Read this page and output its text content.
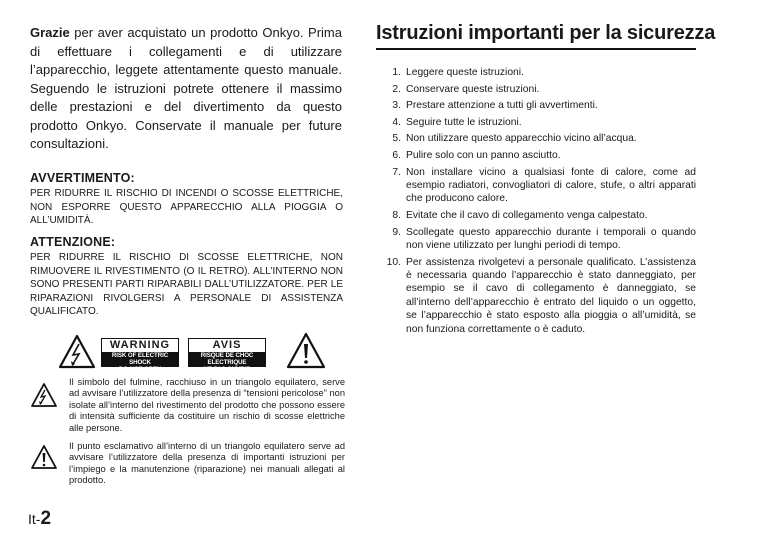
Grazie per aver acquistato un prodotto Onkyo. Prima di effettuare i collegamenti e di utilizzare l’apparecchio, leggete attentamente questo manuale. Seguendo le istruzioni potrete ottenere il massimo delle prestazioni e del divertimento da questo prodotto Onkyo. Conservate il manuale per future consultazioni.

AVVERTIMENTO:

PER RIDURRE IL RISCHIO DI INCENDI O SCOSSE ELETTRICHE, NON ESPORRE QUESTO APPARECCHIO ALLA PIOGGIA O ALL’UMIDITÀ.

ATTENZIONE:

PER RIDURRE IL RISCHIO DI SCOSSE ELETTRICHE, NON RIMUOVERE IL RIVESTIMENTO (O IL RETRO). ALL’INTERNO NON SONO PRESENTI PARTI RIPARABILI DALL’UTILIZZATORE. PER LE RIPARAZIONI RIVOLGERSI A PERSONALE DI ASSISTENZA QUALIFICATO.

WARNING
RISK OF ELECTRIC SHOCK
DO NOT OPEN
AVIS
RISQUE DE CHOC ELECTRIQUE
NE PAS OUVRIR

Il simbolo del fulmine, racchiuso in un triangolo equilatero, serve ad avvisare l’utilizzatore della presenza di “tensioni pericolose” non isolate all’interno del rivestimento del prodotto che possono essere di intensità sufficiente da costituire un rischio di scosse elettriche alle persone.

Il punto esclamativo all’interno di un triangolo equilatero serve ad avvisare l’utilizzatore della presenza di importanti istruzioni per l’impiego e la manutenzione (riparazione) nei manuali allegati al prodotto.

It-2
Istruzioni importanti per la sicurezza
1. Leggere queste istruzioni.
2. Conservare queste istruzioni.
3. Prestare attenzione a tutti gli avvertimenti.
4. Seguire tutte le istruzioni.
5. Non utilizzare questo apparecchio vicino all’acqua.
6. Pulire solo con un panno asciutto.
7. Non installare vicino a qualsiasi fonte di calore, come ad esempio radiatori, convogliatori di calore, stufe, o altri apparati che producono calore.
8. Evitate che il cavo di collegamento venga calpestato.
9. Scollegate questo apparecchio durante i temporali o quando non viene utilizzato per lunghi periodi di tempo.
10. Per assistenza rivolgetevi a personale qualificato. L’assistenza è necessaria quando l’apparecchio è stato danneggiato, per esempio se il cavo di collegamento è danneggiato, se all’interno dell’apparecchio è entrato del liquido o un oggetto, se l’apparecchio è stato esposto alla pioggia o all’umidità, se non funziona correttamente o è caduto.
